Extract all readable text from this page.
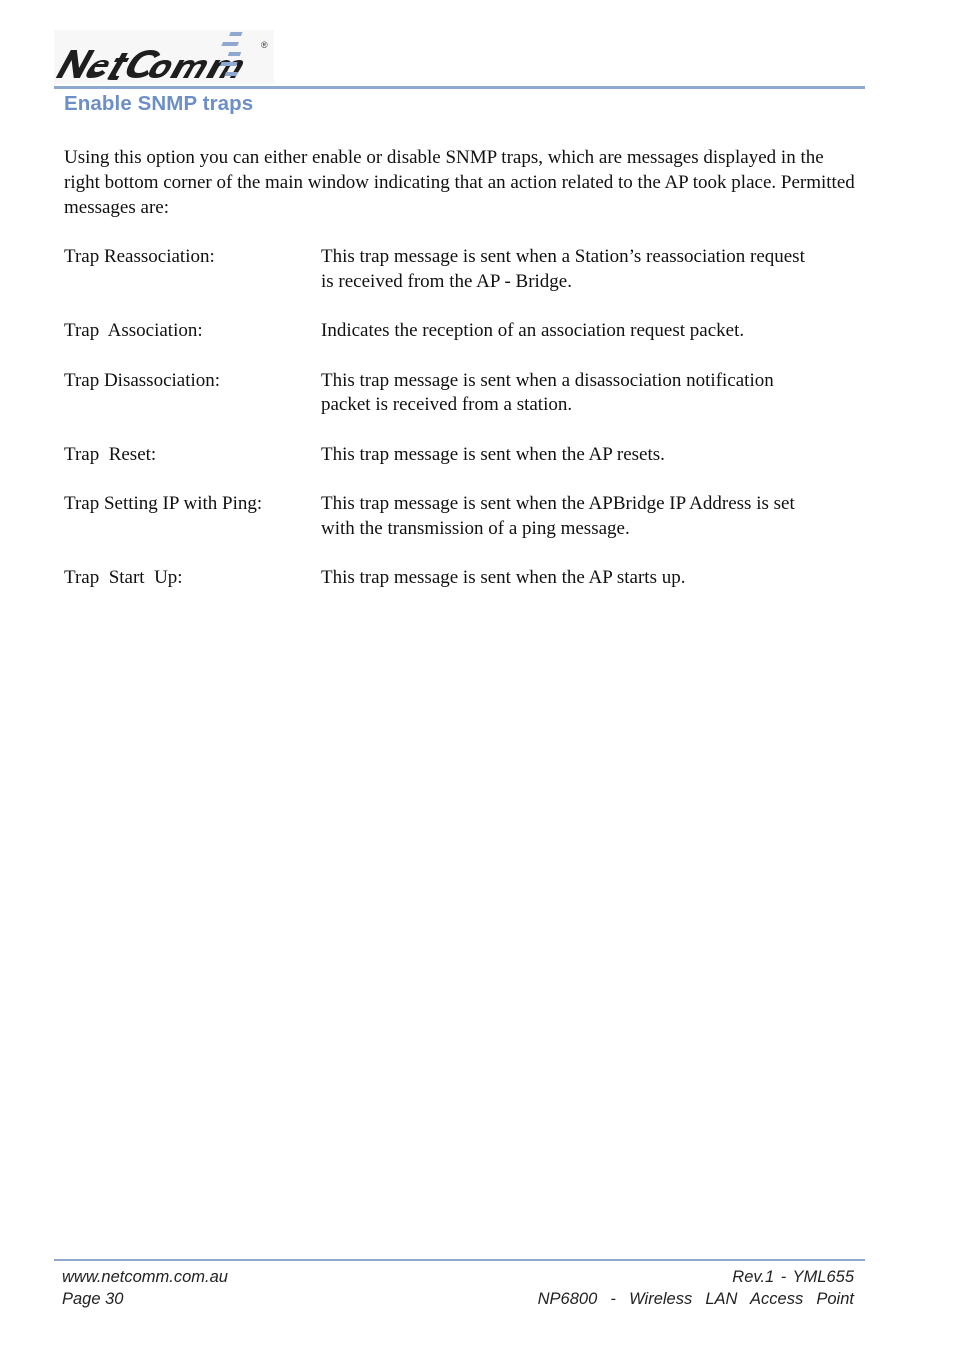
®
Enable SNMP traps

Using this option you can either enable or disable SNMP traps, which are messages displayed in the right bottom corner of the main window indicating that an action related to the AP took place. Permitted messages are:

Trap Reassociation:	This trap message is sent when a Station’s reassociation request
is received from the AP - Bridge.
Trap  Association:	Indicates the reception of an association request packet.
Trap Disassociation:	This trap message is sent when a disassociation notification
packet is received from a station.
Trap  Reset:	This trap message is sent when the AP resets.
Trap Setting IP with Ping:	This trap message is sent when the APBridge IP Address is set
with the transmission of a ping message.
Trap  Start  Up:	This trap message is sent when the AP starts up.
www.netcomm.com.au
Page 30
Rev.1 - YML655
NP6800  -  Wireless  LAN  Access  Point
